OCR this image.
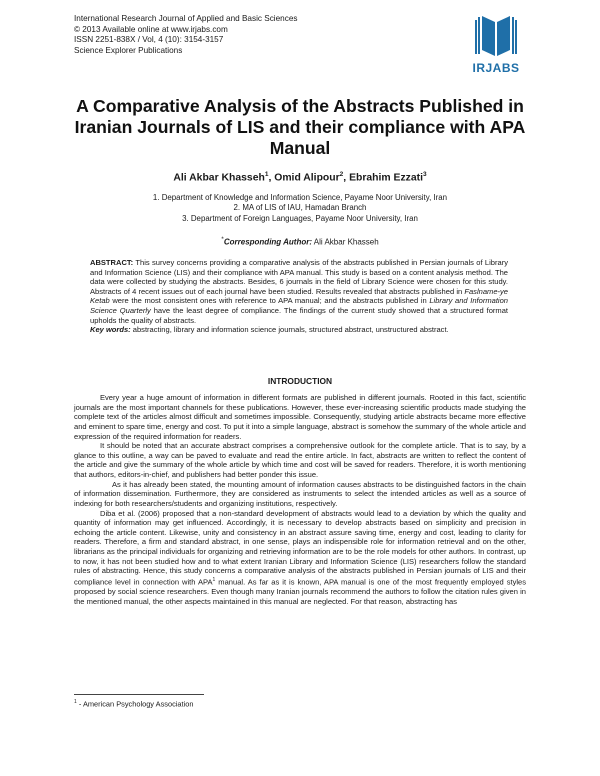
International Research Journal of Applied and Basic Sciences
© 2013 Available online at www.irjabs.com
ISSN 2251-838X / Vol, 4 (10): 3154-3157
Science Explorer Publications
IRJABS
A Comparative Analysis of the Abstracts Published in Iranian Journals of LIS and their compliance with APA Manual
Ali Akbar Khasseh$^1$, Omid Alipour$^2$, Ebrahim Ezzati$^3$
1. Department of Knowledge and Information Science, Payame Noor University, Iran
2. MA of LIS of IAU, Hamadan Branch
3. Department of Foreign Languages, Payame Noor University, Iran
*Corresponding Author: Ali Akbar Khasseh
ABSTRACT: This survey concerns providing a comparative analysis of the abstracts published in Persian journals of Library and Information Science (LIS) and their compliance with APA manual. This study is based on a content analysis method. The data were collected by studying the abstracts. Besides, 6 journals in the field of Library Science were chosen for this study. Abstracts of 4 recent issues out of each journal have been studied. Results revealed that abstracts published in Faslname-ye Ketab were the most consistent ones with reference to APA manual; and the abstracts published in Library and Information Science Quarterly have the least degree of compliance. The findings of the current study showed that a structured format upholds the quality of abstracts.
Key words: abstracting, library and information science journals, structured abstract, unstructured abstract.
INTRODUCTION

Every year a huge amount of information in different formats are published in different journals. Rooted in this fact, scientific journals are the most important channels for these publications. However, these ever-increasing scientific products made studying the complete text of the articles almost difficult and sometimes impossible. Consequently, studying article abstracts became more effective and eminent to spare time, energy and cost. To put it into a simple language, abstract is somehow the summary of the whole article and expression of the required information for readers.

It should be noted that an accurate abstract comprises a comprehensive outlook for the complete article. That is to say, by a glance to this outline, a way can be paved to evaluate and read the entire article. In fact, abstracts are written to reflect the content of the article and give the summary of the whole article by which time and cost will be saved for readers. Therefore, it is worth mentioning that authors, editors-in-chief, and publishers had better ponder this issue.

As it has already been stated, the mounting amount of information causes abstracts to be distinguished factors in the chain of information dissemination. Furthermore, they are considered as instruments to select the intended articles as well as a source of indexing for both researchers/students and organizing institutions, respectively.

Diba et al. (2006) proposed that a non-standard development of abstracts would lead to a deviation by which the quality and quantity of information may get influenced. Accordingly, it is necessary to develop abstracts based on simplicity and precision in echoing the article content. Likewise, unity and consistency in an abstract assure saving time, energy and cost, leading to clarity for readers. Therefore, a firm and standard abstract, in one sense, plays an indispensible role for information retrieval and on the other, librarians as the principal individuals for organizing and retrieving information are to be the role models for other authors. In contrast, up to now, it has not been studied how and to what extent Iranian Library and Information Science (LIS) researchers follow the standard rules of abstracting. Hence, this study concerns a comparative analysis of the abstracts published in Persian journals of LIS and their compliance level in connection with APA$^1$ manual. As far as it is known, APA manual is one of the most frequently employed styles proposed by social science researchers. Even though many Iranian journals recommend the authors to follow the citation rules given in the mentioned manual, the other aspects maintained in this manual are neglected. For that reason, abstracting has

$^1$ - American Psychology Association
